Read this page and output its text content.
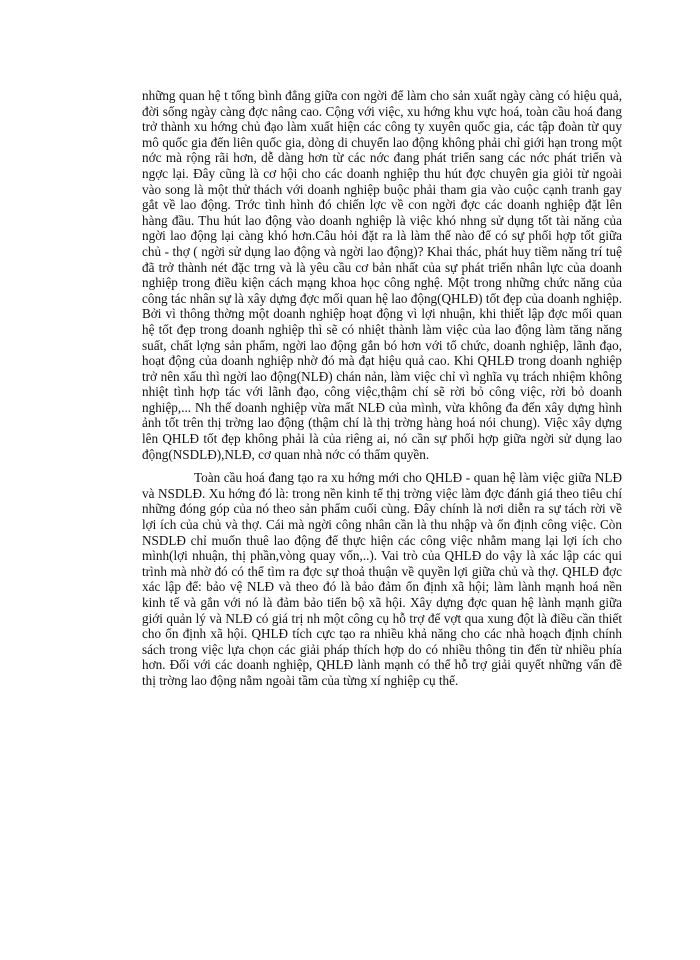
những quan hệ t tổng bình đẳng giữa con ngời để làm cho sản xuất ngày càng có hiệu quả, đời sống ngày càng đợc nâng cao. Cộng với việc, xu hớng khu vực hoá, toàn cầu hoá đang trở thành xu hớng chủ đạo làm xuất hiện các công ty xuyên quốc gia, các tập đoàn từ quy mô quốc gia đến liên quốc gia, dòng di chuyển lao động không phải chỉ giới hạn trong một nớc mà rộng rãi hơn, dễ dàng hơn từ các nớc đang phát triển sang các nớc phát triển và ngợc lại. Đây cũng là cơ hội cho các doanh nghiệp thu hút đợc chuyên gia giỏi từ ngoài vào song là một thử thách với doanh nghiệp buộc phải tham gia vào cuộc cạnh tranh gay gắt về lao động. Trớc tình hình đó chiến lợc về con ngời đợc các doanh nghiệp đặt lên hàng đầu. Thu hút lao động vào doanh nghiệp là việc khó nhng sử dụng tốt tài năng của ngời lao động lại càng khó hơn.Câu hỏi đặt ra là làm thế nào để có sự phối hợp tốt giữa chủ - thợ ( ngời sử dụng lao động và ngời lao động)? Khai thác, phát huy tiềm năng trí tuệ đã trở thành nét đặc trng và là yêu cầu cơ bản nhất của sự phát triển nhân lực của doanh nghiệp trong điều kiện cách mạng khoa học công nghệ. Một trong những chức năng của công tác nhân sự là xây dựng đợc mối quan hệ lao động(QHLĐ) tốt đẹp của doanh nghiệp. Bởi vì thông thờng một doanh nghiệp hoạt động vì lợi nhuận, khi thiết lập đợc mối quan hệ tốt đẹp trong doanh nghiệp thì sẽ có nhiệt thành làm việc của lao động làm tăng năng suất, chất lợng sản phẩm, ngời lao động gắn bó hơn với tổ chức, doanh nghiệp, lãnh đạo, hoạt động của doanh nghiệp nhờ đó mà đạt hiệu quả cao. Khi QHLĐ trong doanh nghiệp trở nên xấu thì ngời lao động(NLĐ) chán nản, làm việc chỉ vì nghĩa vụ trách nhiệm không nhiệt tình hợp tác với lãnh đạo, công việc,thậm chí sẽ rời bỏ công việc, rời bỏ doanh nghiệp,... Nh thế doanh nghiệp vừa mất NLĐ của mình, vừa không đa đến xây dựng hình ảnh tốt trên thị trờng lao động (thậm chí là thị trờng hàng hoá nói chung). Việc xây dựng lên QHLĐ tốt đẹp không phải là của riêng ai, nó cần sự phối hợp giữa ngời sử dụng lao động(NSDLĐ),NLĐ, cơ quan nhà nớc có thẩm quyền.

Toàn cầu hoá đang tạo ra xu hớng mới cho QHLĐ - quan hệ làm việc giữa NLĐ và NSDLĐ. Xu hớng đó là: trong nền kinh tế thị trờng việc làm đợc đánh giá theo tiêu chí những đóng góp của nó theo sản phẩm cuối cùng. Đây chính là nơi diễn ra sự tách rời về lợi ích của chủ và thợ. Cái mà ngời công nhân cần là thu nhập và ổn định công việc. Còn NSDLĐ chỉ muốn thuê lao động để thực hiện các công việc nhằm mang lại lợi ích cho mình(lợi nhuận, thị phần,vòng quay vốn,..). Vai trò của QHLĐ do vậy là xác lập các qui trình mà nhờ đó có thể tìm ra đợc sự thoả thuận về quyền lợi giữa chủ và thợ. QHLĐ đợc xác lập để: bảo vệ NLĐ và theo đó là bảo đảm ổn định xã hội; làm lành mạnh hoá nền kinh tế và gắn với nó là đảm bảo tiến bộ xã hội. Xây dựng đợc quan hệ lành mạnh giữa giới quản lý và NLĐ có giá trị nh một công cụ hỗ trợ để vợt qua xung đột là điều cần thiết cho ổn định xã hội. QHLĐ tích cực tạo ra nhiều khả năng cho các nhà hoạch định chính sách trong việc lựa chọn các giải pháp thích hợp do có nhiều thông tin đến từ nhiều phía hơn. Đối với các doanh nghiệp, QHLĐ lành mạnh có thể hỗ trợ giải quyết những vấn đề thị trờng lao động nằm ngoài tầm của từng xí nghiệp cụ thể.
